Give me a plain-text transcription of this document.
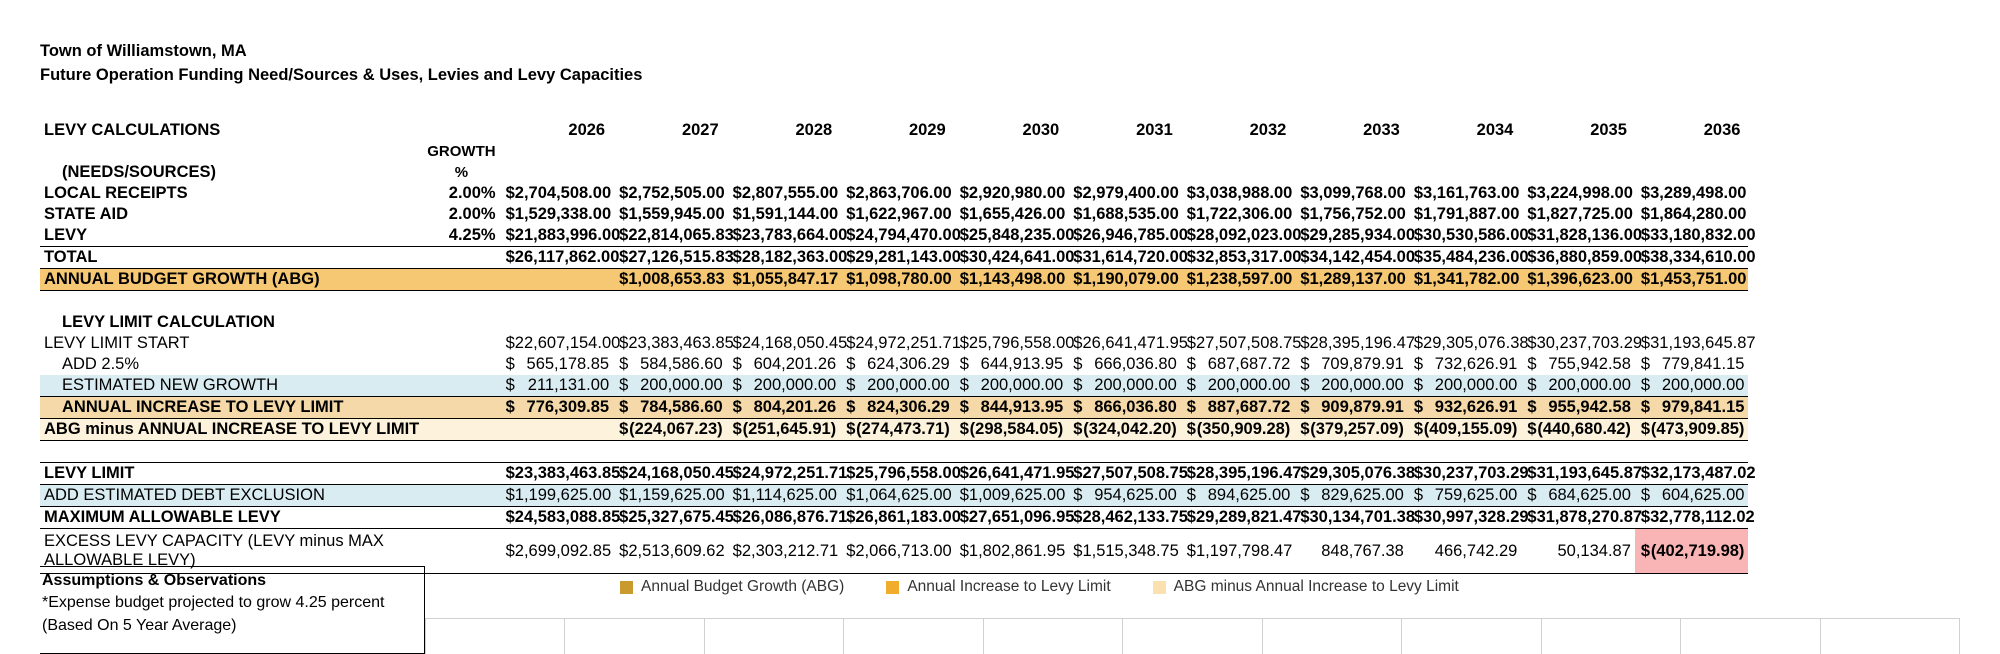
Town of Williamstown, MA
Future Operation Funding Need/Sources & Uses, Levies and Levy Capacities
LEVY CALCULATIONS		2026	2027	2028	2029	2030	2031	2032	2033	2034	2035	2036
	GROWTH											
(NEEDS/SOURCES)	%											
LOCAL RECEIPTS	2.00%	$ 2,704,508.00	$ 2,752,505.00	$ 2,807,555.00	$ 2,863,706.00	$ 2,920,980.00	$ 2,979,400.00	$ 3,038,988.00	$ 3,099,768.00	$ 3,161,763.00	$ 3,224,998.00	$ 3,289,498.00
STATE AID	2.00%	$ 1,529,338.00	$ 1,559,945.00	$ 1,591,144.00	$ 1,622,967.00	$ 1,655,426.00	$ 1,688,535.00	$ 1,722,306.00	$ 1,756,752.00	$ 1,791,887.00	$ 1,827,725.00	$ 1,864,280.00
LEVY	4.25%	$ 21,883,996.00	$ 22,814,065.83	$ 23,783,664.00	$ 24,794,470.00	$ 25,848,235.00	$ 26,946,785.00	$ 28,092,023.00	$ 29,285,934.00	$ 30,530,586.00	$ 31,828,136.00	$ 33,180,832.00
TOTAL		$ 26,117,862.00	$ 27,126,515.83	$ 28,182,363.00	$ 29,281,143.00	$ 30,424,641.00	$ 31,614,720.00	$ 32,853,317.00	$ 34,142,454.00	$ 35,484,236.00	$ 36,880,859.00	$ 38,334,610.00
ANNUAL BUDGET GROWTH (ABG)			$ 1,008,653.83	$ 1,055,847.17	$ 1,098,780.00	$ 1,143,498.00	$ 1,190,079.00	$ 1,238,597.00	$ 1,289,137.00	$ 1,341,782.00	$ 1,396,623.00	$ 1,453,751.00

LEVY LIMIT CALCULATION												
LEVY LIMIT START		$ 22,607,154.00	$ 23,383,463.85	$ 24,168,050.45	$ 24,972,251.71	$ 25,796,558.00	$ 26,641,471.95	$ 27,507,508.75	$ 28,395,196.47	$ 29,305,076.38	$ 30,237,703.29	$ 31,193,645.87
ADD 2.5%		$ 565,178.85	$ 584,586.60	$ 604,201.26	$ 624,306.29	$ 644,913.95	$ 666,036.80	$ 687,687.72	$ 709,879.91	$ 732,626.91	$ 755,942.58	$ 779,841.15
ESTIMATED NEW GROWTH		$ 211,131.00	$ 200,000.00	$ 200,000.00	$ 200,000.00	$ 200,000.00	$ 200,000.00	$ 200,000.00	$ 200,000.00	$ 200,000.00	$ 200,000.00	$ 200,000.00
ANNUAL INCREASE TO LEVY LIMIT		$ 776,309.85	$ 784,586.60	$ 804,201.26	$ 824,306.29	$ 844,913.95	$ 866,036.80	$ 887,687.72	$ 909,879.91	$ 932,626.91	$ 955,942.58	$ 979,841.15
ABG minus ANNUAL INCREASE TO LEVY LIMIT			$ (224,067.23)	$ (251,645.91)	$ (274,473.71)	$ (298,584.05)	$ (324,042.20)	$ (350,909.28)	$ (379,257.09)	$ (409,155.09)	$ (440,680.42)	$ (473,909.85)

LEVY LIMIT		$ 23,383,463.85	$ 24,168,050.45	$ 24,972,251.71	$ 25,796,558.00	$ 26,641,471.95	$ 27,507,508.75	$ 28,395,196.47	$ 29,305,076.38	$ 30,237,703.29	$ 31,193,645.87	$ 32,173,487.02
ADD ESTIMATED DEBT EXCLUSION		$ 1,199,625.00	$ 1,159,625.00	$ 1,114,625.00	$ 1,064,625.00	$ 1,009,625.00	$ 954,625.00	$ 894,625.00	$ 829,625.00	$ 759,625.00	$ 684,625.00	$ 604,625.00
MAXIMUM ALLOWABLE LEVY		$ 24,583,088.85	$ 25,327,675.45	$ 26,086,876.71	$ 26,861,183.00	$ 27,651,096.95	$ 28,462,133.75	$ 29,289,821.47	$ 30,134,701.38	$ 30,997,328.29	$ 31,878,270.87	$ 32,778,112.02
EXCESS LEVY CAPACITY (LEVY minus MAX ALLOWABLE LEVY)		$ 2,699,092.85	$ 2,513,609.62	$ 2,303,212.71	$ 2,066,713.00	$ 1,802,861.95	$ 1,515,348.75	$ 1,197,798.47	848,767.38	466,742.29	50,134.87	$ (402,719.98)
Assumptions & Observations
*Expense budget projected to grow 4.25 percent
(Based On 5 Year Average)
Annual Budget Growth (ABG)	Annual Increase to Levy Limit	ABG minus Annual Increase to Levy Limit
